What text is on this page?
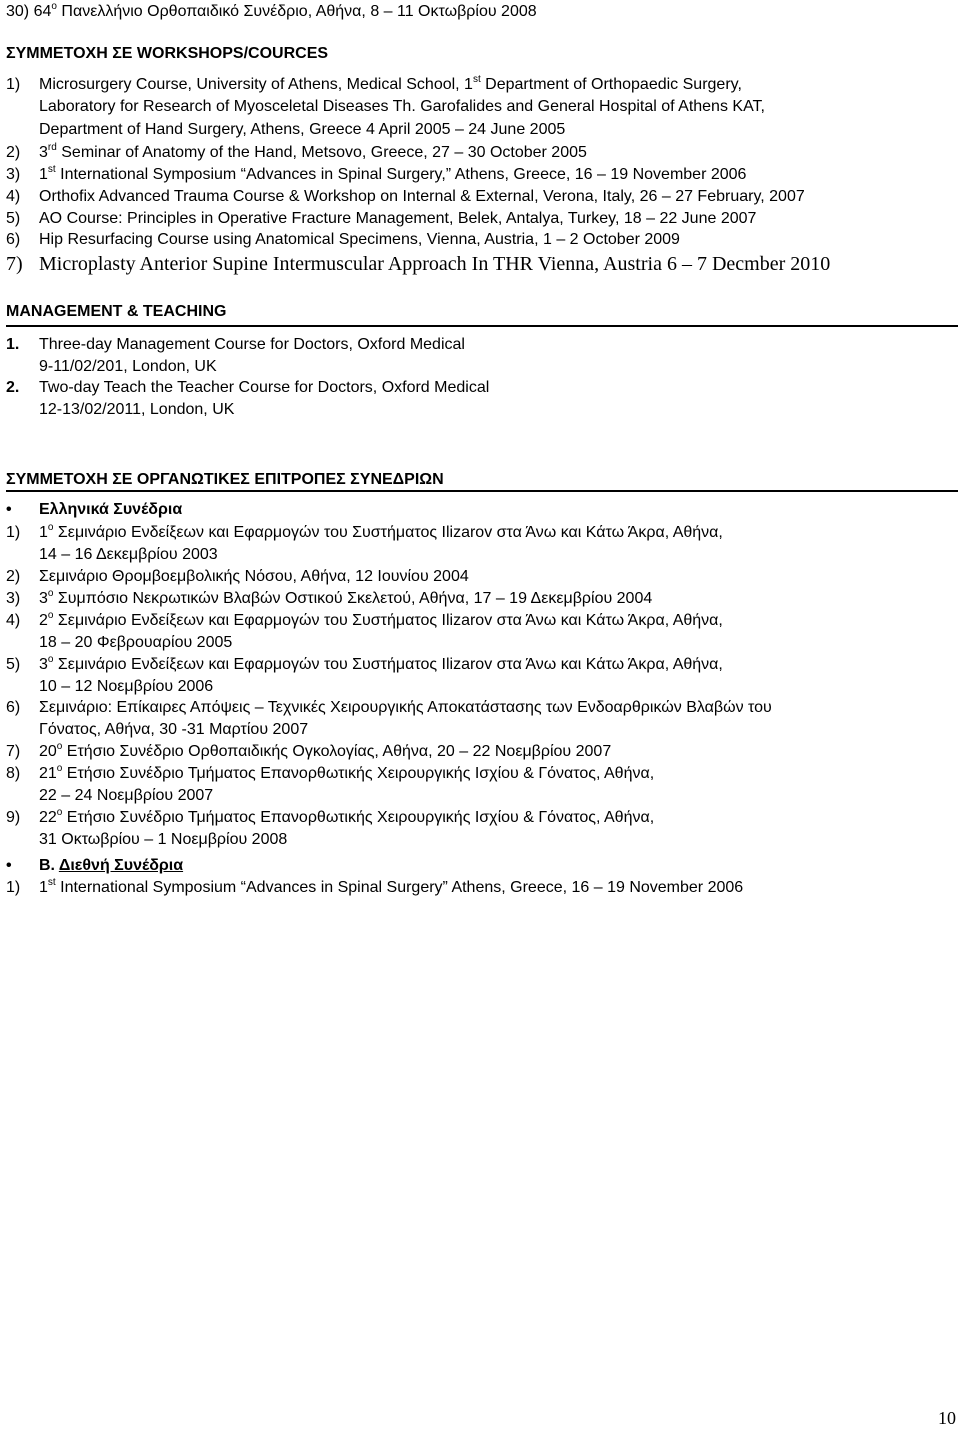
30) $64^o$ Πανελλήνιο Ορθοπαιδικό Συνέδριο, Αθήνα, 8 – 11 Οκτωβρίου 2008
ΣΥΜΜΕΤΟΧΗ ΣΕ WORKSHOPS/COURCES
1) Microsurgery Course, University of Athens, Medical School, 1st Department of Orthopaedic Surgery,
Laboratory for Research of Myosceletal Diseases Th. Garofalides and General Hospital of Athens KAT,
Department of Hand Surgery, Athens, Greece 4 April 2005 – 24 June 2005
2) 3rd Seminar of Anatomy of the Hand, Metsovo, Greece, 27 – 30 October 2005
3) 1st International Symposium “Advances in Spinal Surgery,” Athens, Greece, 16 – 19 November 2006
4) Orthofix Advanced Trauma Course & Workshop on Internal & External, Verona, Italy, 26 – 27 February, 2007
5) AO Course: Principles in Operative Fracture Management, Belek, Antalya, Turkey, 18 – 22 June 2007
6) Hip Resurfacing Course using Anatomical Specimens, Vienna, Austria, 1 – 2 October 2009
7) Microplasty Anterior Supine Intermuscular Approach In THR Vienna, Austria 6 – 7 Decmber 2010
MANAGEMENT & TEACHING
1. Three-day Management Course for Doctors, Oxford Medical
9-11/02/201, London, UK
2. Two-day Teach the Teacher Course for Doctors, Oxford Medical
12-13/02/2011, London, UK
ΣΥΜΜΕΤΟΧΗ ΣΕ ΟΡΓΑΝΩΤΙΚΕΣ ΕΠΙΤΡΟΠΕΣ ΣΥΝΕΔΡΙΩΝ
• Ελληνικά Συνέδρια
1) $1^o$ Σεμινάριο Ενδείξεων και Εφαρμογών του Συστήματος Ilizarov στα Άνω και Κάτω Άκρα, Αθήνα,
14 – 16 Δεκεμβρίου 2003
2) Σεμινάριο Θρομβοεμβολικής Νόσου, Αθήνα, 12 Ιουνίου 2004
3) $3^o$ Συμπόσιο Νεκρωτικών Βλαβών Οστικού Σκελετού, Αθήνα, 17 – 19 Δεκεμβρίου 2004
4) $2^o$ Σεμινάριο Ενδείξεων και Εφαρμογών του Συστήματος Ilizarov στα Άνω και Κάτω Άκρα, Αθήνα,
18 – 20 Φεβρουαρίου 2005
5) $3^o$ Σεμινάριο Ενδείξεων και Εφαρμογών του Συστήματος Ilizarov στα Άνω και Κάτω Άκρα, Αθήνα,
10 – 12 Νοεμβρίου 2006
6) Σεμινάριο: Επίκαιρες Απόψεις – Τεχνικές Χειρουργικής Αποκατάστασης των Ενδοαρθρικών Βλαβών του
Γόνατος, Αθήνα, 30 -31 Μαρτίου 2007
7) $20^o$ Ετήσιο Συνέδριο Ορθοπαιδικής Ογκολογίας, Αθήνα, 20 – 22 Νοεμβρίου 2007
8) $21^o$ Ετήσιο Συνέδριο Τμήματος Επανορθωτικής Χειρουργικής Ισχίου & Γόνατος, Αθήνα,
22 – 24 Νοεμβρίου 2007
9) $22^o$ Ετήσιο Συνέδριο Τμήματος Επανορθωτικής Χειρουργικής Ισχίου & Γόνατος, Αθήνα,
31 Οκτωβρίου – 1 Νοεμβρίου 2008
• Β. Διεθνή Συνέδρια
1) 1st International Symposium “Advances in Spinal Surgery” Athens, Greece, 16 – 19 November 2006
10
